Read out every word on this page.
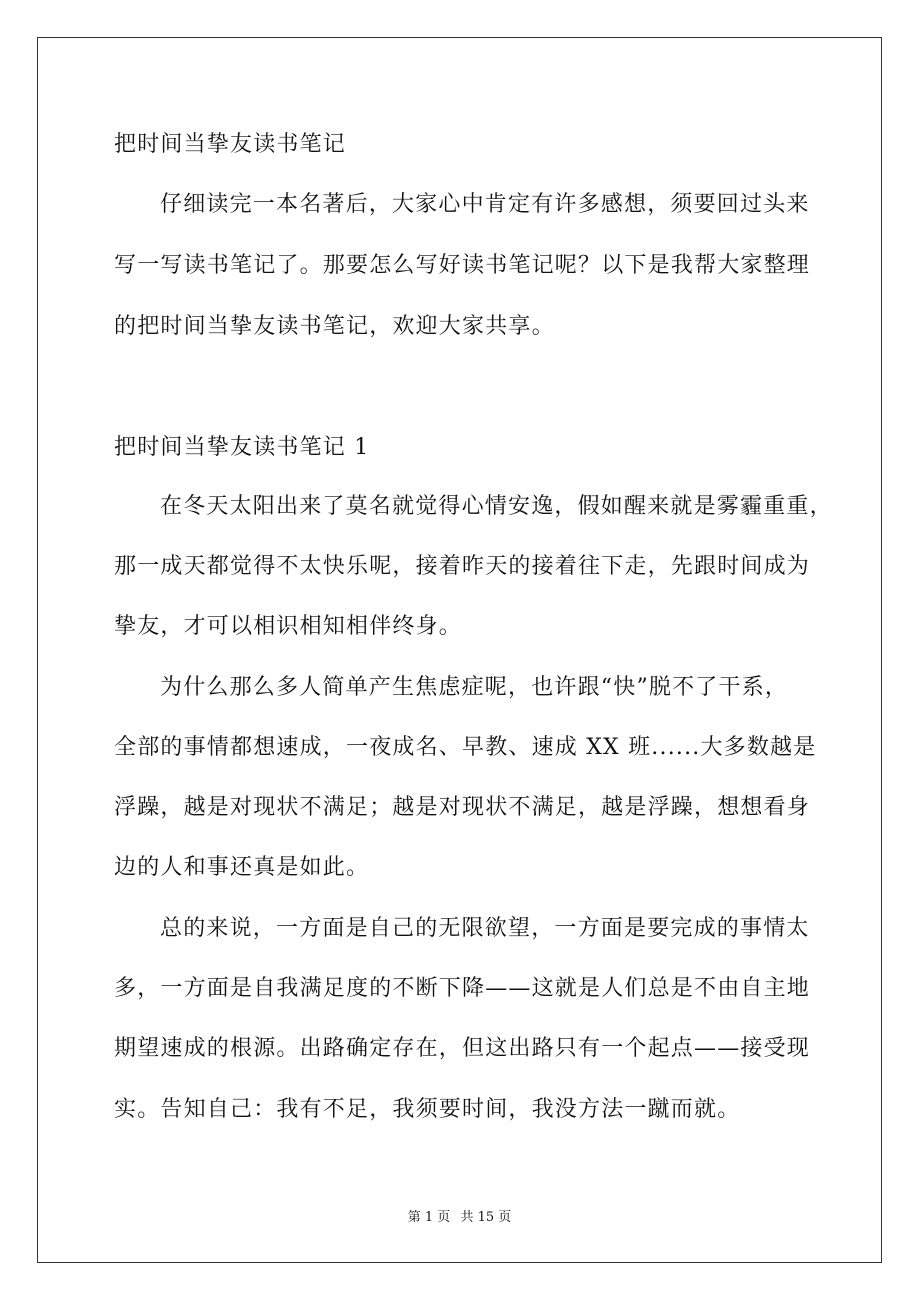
把时间当挚友读书笔记
仔细读完一本名著后，大家心中肯定有许多感想，须要回过头来
写一写读书笔记了。那要怎么写好读书笔记呢？以下是我帮大家整理
的把时间当挚友读书笔记，欢迎大家共享。
把时间当挚友读书笔记 1
在冬天太阳出来了莫名就觉得心情安逸，假如醒来就是雾霾重重，
那一成天都觉得不太快乐呢，接着昨天的接着往下走，先跟时间成为
挚友，才可以相识相知相伴终身。
为什么那么多人简单产生焦虑症呢，也许跟“快”脱不了干系，
全部的事情都想速成，一夜成名、早教、速成 XX 班......大多数越是
浮躁，越是对现状不满足；越是对现状不满足，越是浮躁，想想看身
边的人和事还真是如此。
总的来说，一方面是自己的无限欲望，一方面是要完成的事情太
多，一方面是自我满足度的不断下降——这就是人们总是不由自主地
期望速成的根源。出路确定存在，但这出路只有一个起点——接受现
实。告知自己：我有不足，我须要时间，我没方法一蹴而就。
第 1 页 共 15 页
